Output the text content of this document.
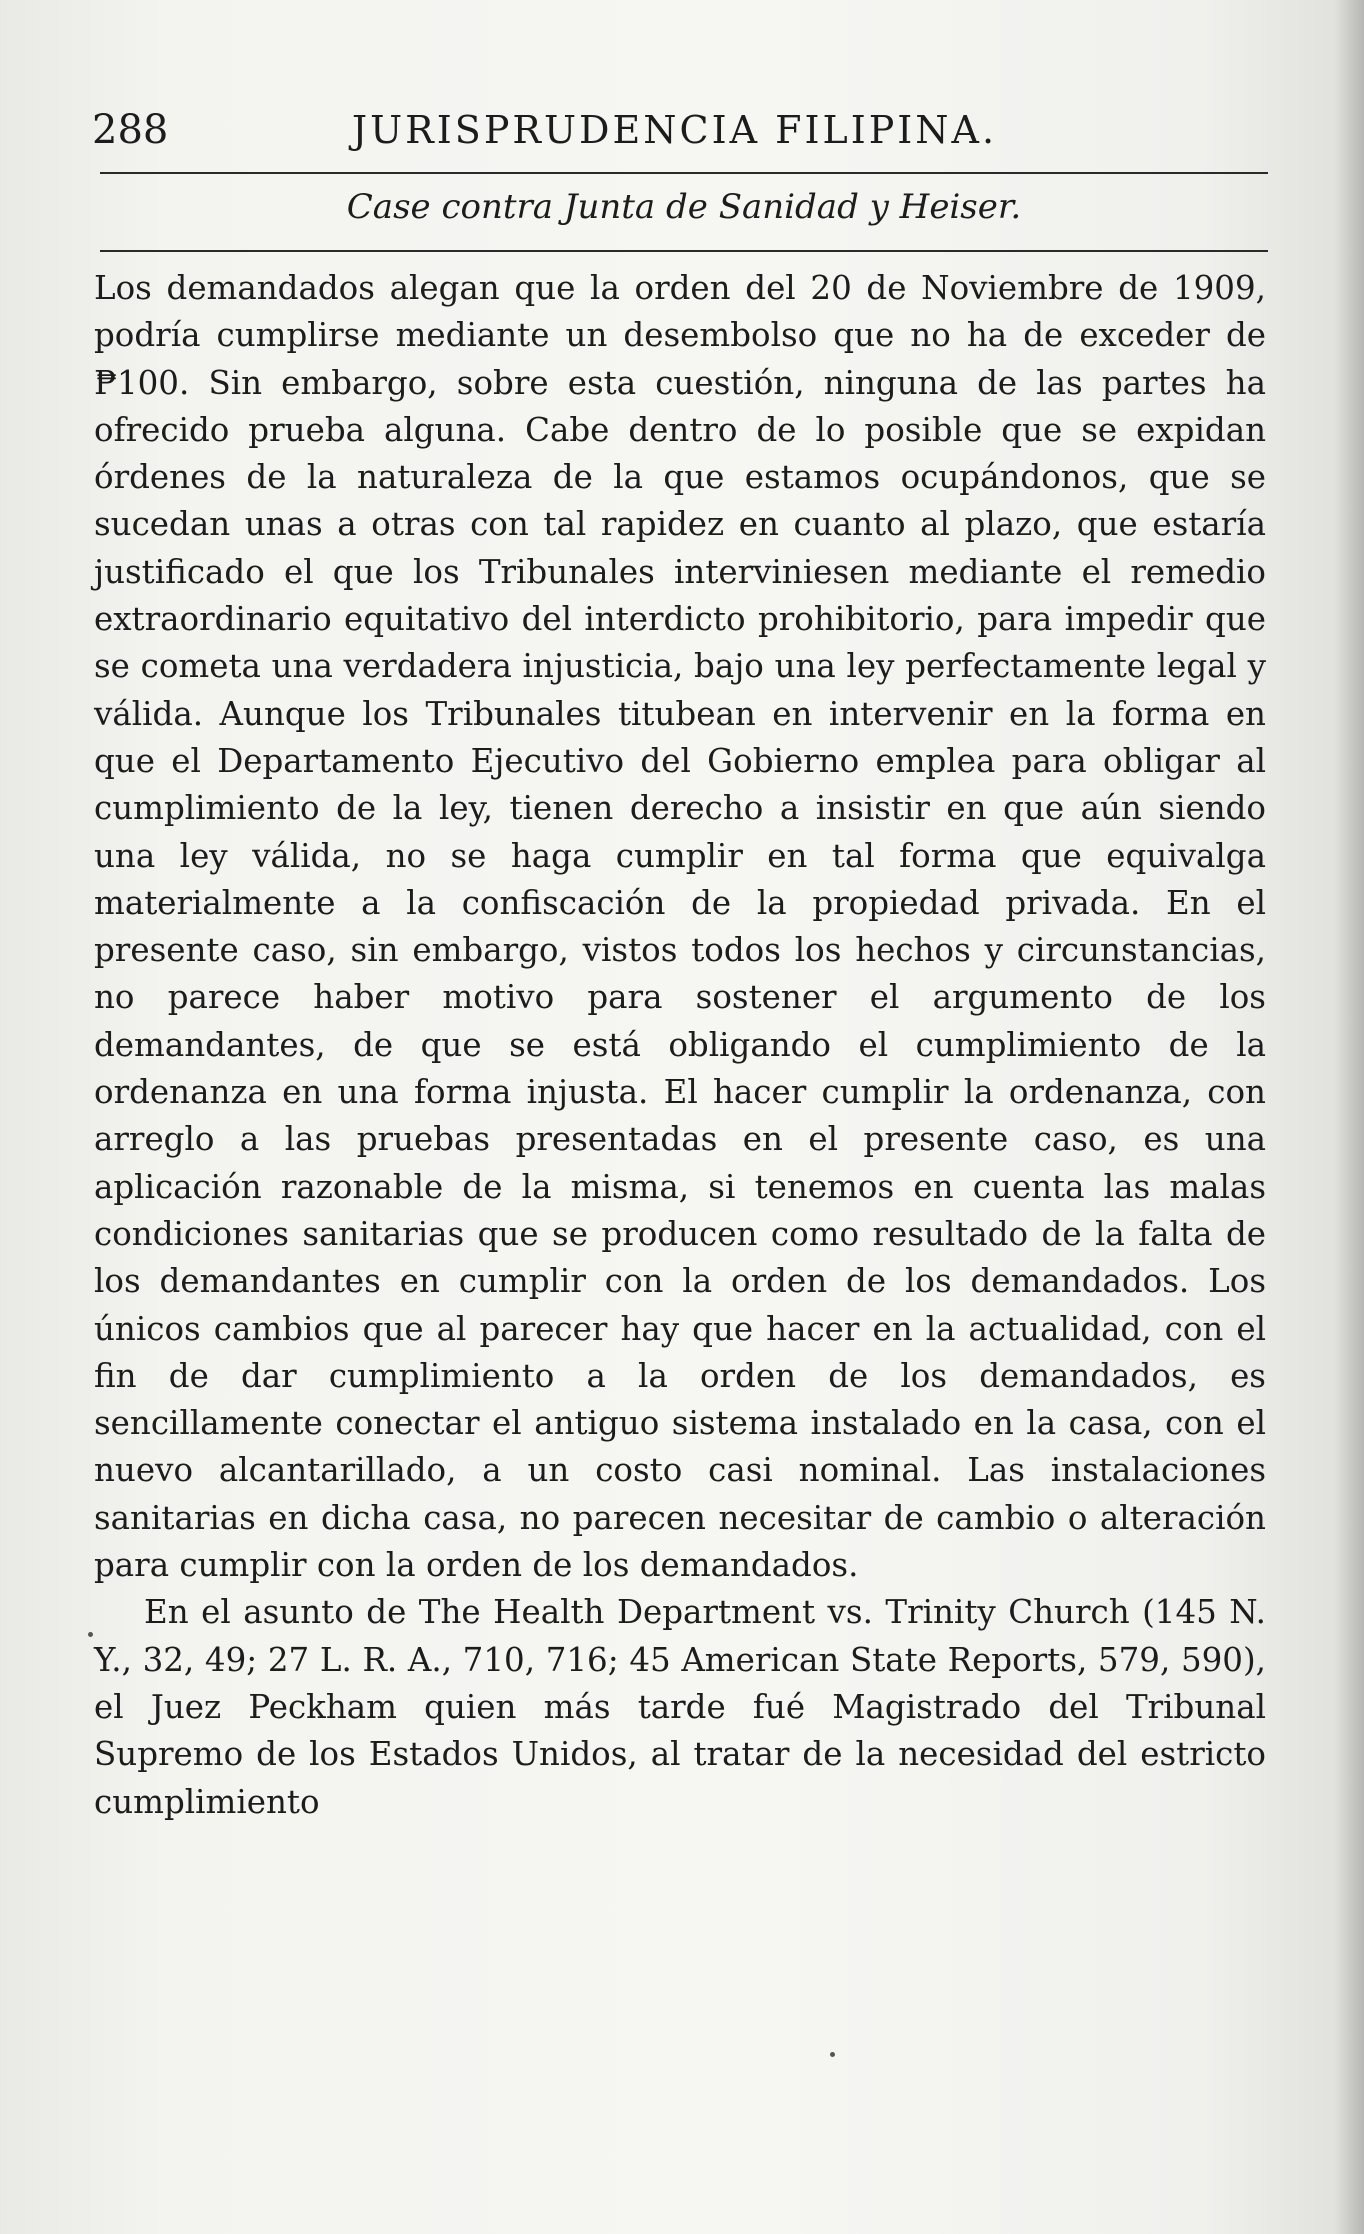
288	JURISPRUDENCIA FILIPINA.
Case contra Junta de Sanidad y Heiser.

Los demandados alegan que la orden del 20 de Noviembre de 1909, podría cumplirse mediante un desembolso que no ha de exceder de ₱100. Sin embargo, sobre esta cuestión, ninguna de las partes ha ofrecido prueba alguna. Cabe dentro de lo posible que se expidan órdenes de la naturaleza de la que estamos ocupándonos, que se sucedan unas a otras con tal rapidez en cuanto al plazo, que estaría justificado el que los Tribunales interviniesen mediante el remedio extraordinario equitativo del interdicto prohibitorio, para impedir que se cometa una verdadera injusticia, bajo una ley perfectamente legal y válida. Aunque los Tribunales titubean en intervenir en la forma en que el Departamento Ejecutivo del Gobierno emplea para obligar al cumplimiento de la ley, tienen derecho a insistir en que aún siendo una ley válida, no se haga cumplir en tal forma que equivalga materialmente a la confiscación de la propiedad privada. En el presente caso, sin embargo, vistos todos los hechos y circunstancias, no parece haber motivo para sostener el argumento de los demandantes, de que se está obligando el cumplimiento de la ordenanza en una forma injusta. El hacer cumplir la ordenanza, con arreglo a las pruebas presentadas en el presente caso, es una aplicación razonable de la misma, si tenemos en cuenta las malas condiciones sanitarias que se producen como resultado de la falta de los demandantes en cumplir con la orden de los demandados. Los únicos cambios que al parecer hay que hacer en la actualidad, con el fin de dar cumplimiento a la orden de los demandados, es sencillamente conectar el antiguo sistema instalado en la casa, con el nuevo alcantarillado, a un costo casi nominal. Las instalaciones sanitarias en dicha casa, no parecen necesitar de cambio o alteración para cumplir con la orden de los demandados.

En el asunto de The Health Department vs. Trinity Church (145 N. Y., 32, 49; 27 L. R. A., 710, 716; 45 American State Reports, 579, 590), el Juez Peckham quien más tarde fué Magistrado del Tribunal Supremo de los Estados Unidos, al tratar de la necesidad del estricto cumplimiento
